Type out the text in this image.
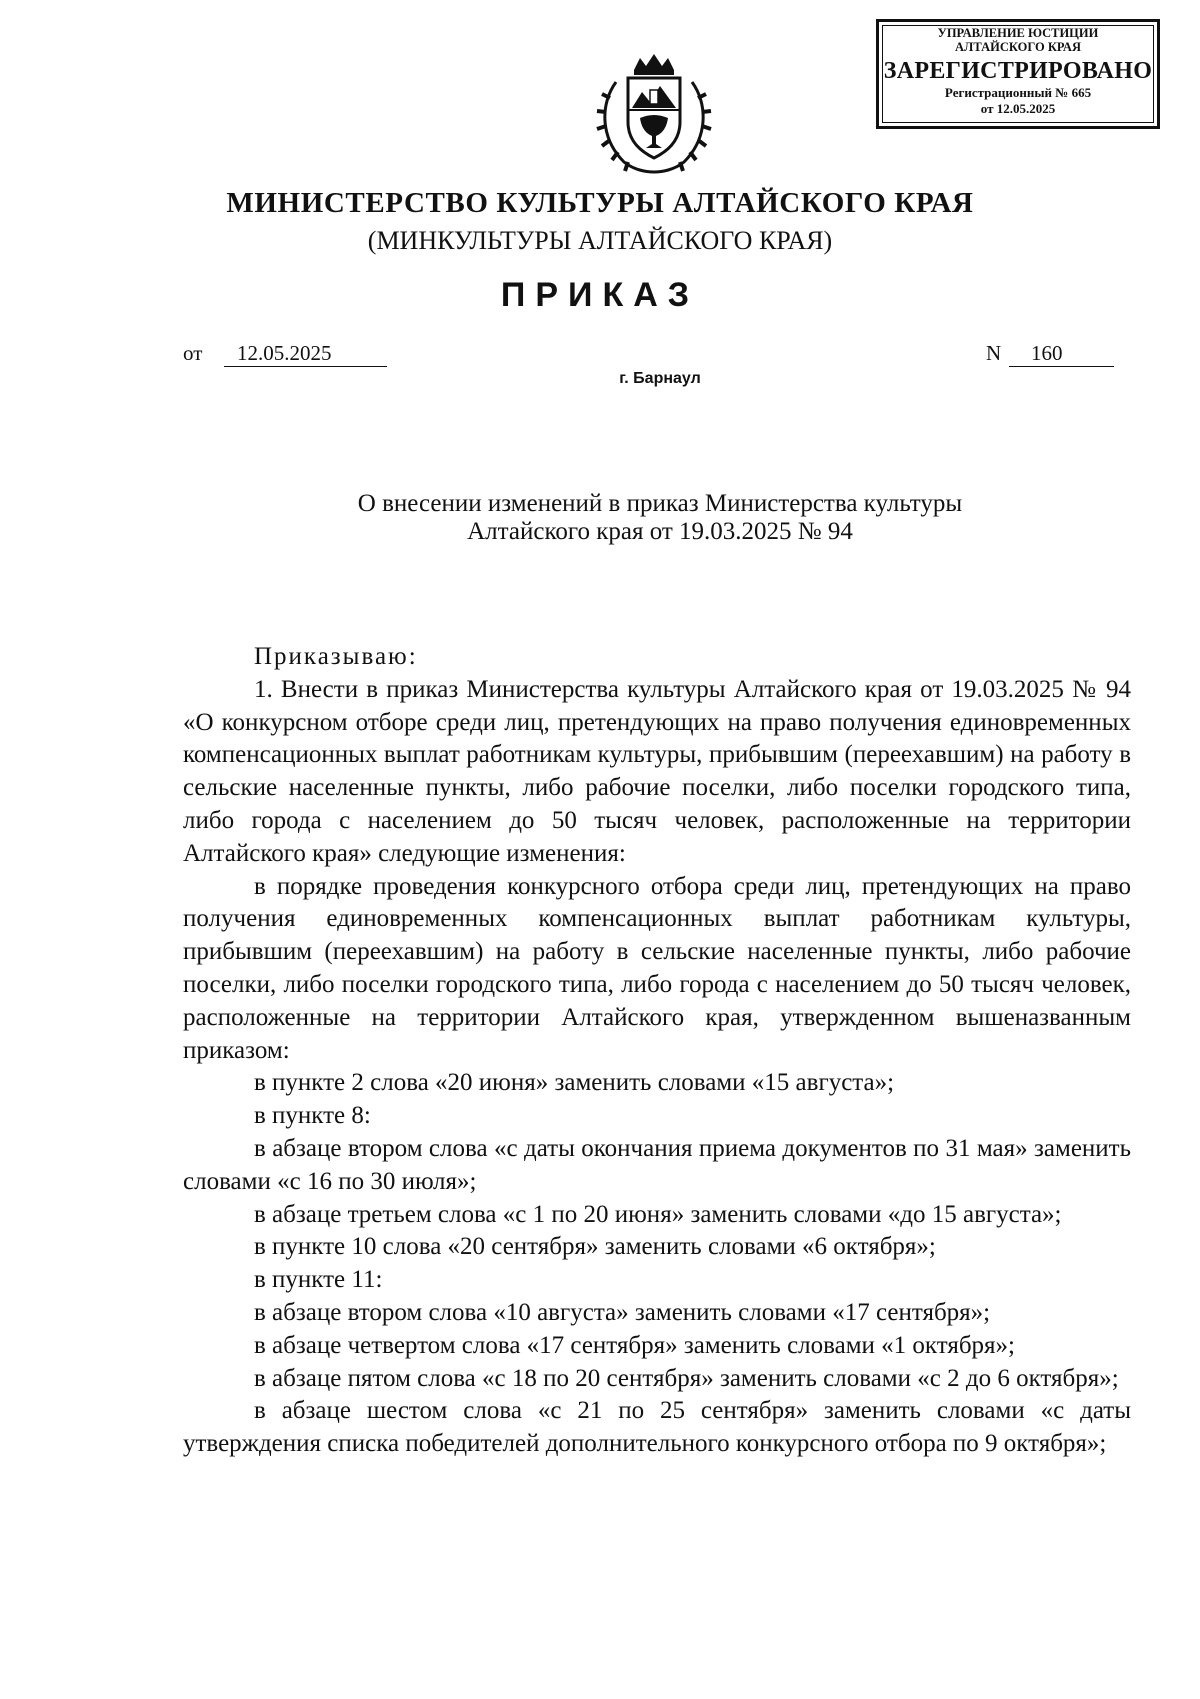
УПРАВЛЕНИЕ ЮСТИЦИИ
АЛТАЙСКОГО КРАЯ
ЗАРЕГИСТРИРОВАНО
Регистрационный № 665
от 12.05.2025
МИНИСТЕРСТВО КУЛЬТУРЫ АЛТАЙСКОГО КРАЯ
(МИНКУЛЬТУРЫ АЛТАЙСКОГО КРАЯ)
ПРИКАЗ
от	12.05.2025	N	160
г. Барнаул
О внесении изменений в приказ Министерства культуры
Алтайского края от 19.03.2025 № 94

Приказываю:

1. Внести в приказ Министерства культуры Алтайского края от 19.03.2025 № 94 «О конкурсном отборе среди лиц, претендующих на право получения единовременных компенсационных выплат работникам культуры, прибывшим (переехавшим) на работу в сельские населенные пункты, либо рабочие поселки, либо поселки городского типа, либо города с населением до 50 тысяч человек, расположенные на территории Алтайского края» следующие изменения:

в порядке проведения конкурсного отбора среди лиц, претендующих на право получения единовременных компенсационных выплат работникам культуры, прибывшим (переехавшим) на работу в сельские населенные пункты, либо рабочие поселки, либо поселки городского типа, либо города с населением до 50 тысяч человек, расположенные на территории Алтайского края, утвержденном вышеназванным приказом:

в пункте 2 слова «20 июня» заменить словами «15 августа»;

в пункте 8:

в абзаце втором слова «с даты окончания приема документов по 31 мая» заменить словами «с 16 по 30 июля»;

в абзаце третьем слова «с 1 по 20 июня» заменить словами «до 15 августа»;

в пункте 10 слова «20 сентября» заменить словами «6 октября»;

в пункте 11:

в абзаце втором слова «10 августа» заменить словами «17 сентября»;

в абзаце четвертом слова «17 сентября» заменить словами «1 октября»;

в абзаце пятом слова «с 18 по 20 сентября» заменить словами «с 2 до 6 октября»;

в абзаце шестом слова «с 21 по 25 сентября» заменить словами «с даты утверждения списка победителей дополнительного конкурсного отбора по 9 октября»;
